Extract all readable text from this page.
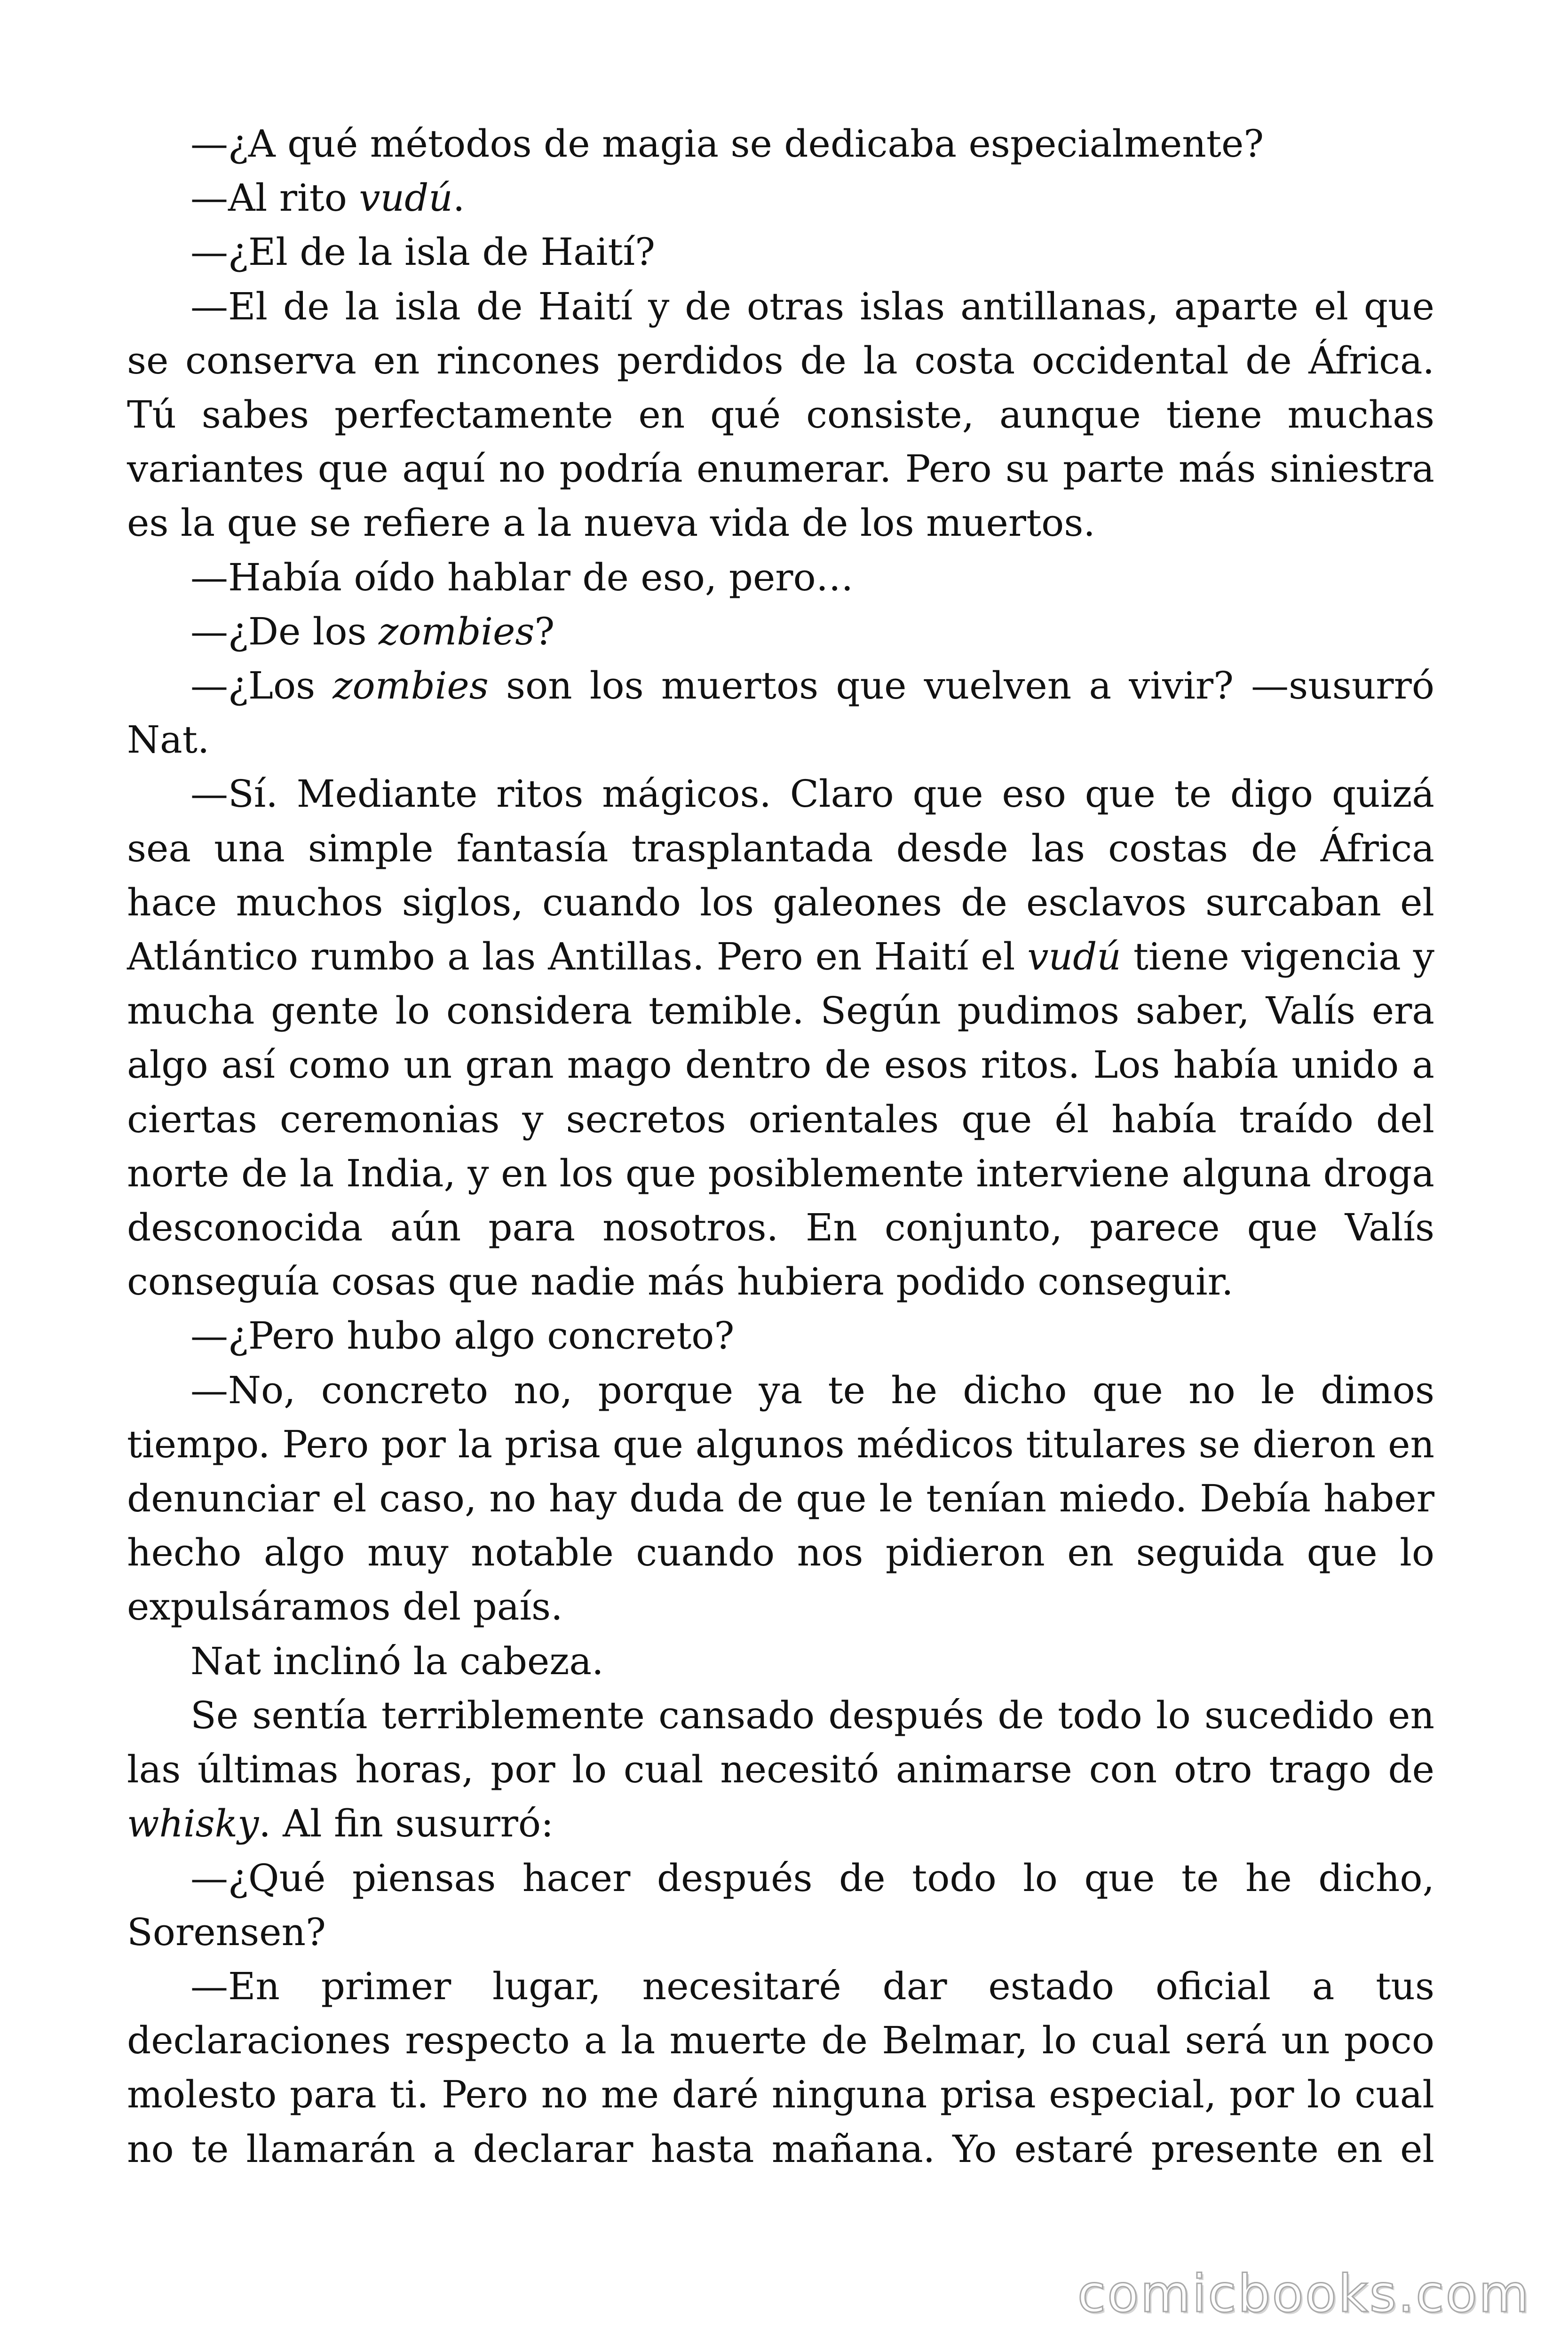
—¿A qué métodos de magia se dedicaba especialmente?

—Al rito vudú.

—¿El de la isla de Haití?

—El de la isla de Haití y de otras islas antillanas, aparte el que se conserva en rincones perdidos de la costa occidental de África. Tú sabes perfectamente en qué consiste, aunque tiene muchas variantes que aquí no podría enumerar. Pero su parte más siniestra es la que se refiere a la nueva vida de los muertos.

—Había oído hablar de eso, pero…

—¿De los zombies?

—¿Los zombies son los muertos que vuelven a vivir? —susurró Nat.

—Sí. Mediante ritos mágicos. Claro que eso que te digo quizá sea una simple fantasía trasplantada desde las costas de África hace muchos siglos, cuando los galeones de esclavos surcaban el Atlántico rumbo a las Antillas. Pero en Haití el vudú tiene vigencia y mucha gente lo considera temible. Según pudimos saber, Valís era algo así como un gran mago dentro de esos ritos. Los había unido a ciertas ceremonias y secretos orientales que él había traído del norte de la India, y en los que posiblemente interviene alguna droga desconocida aún para nosotros. En conjunto, parece que Valís conseguía cosas que nadie más hubiera podido conseguir.

—¿Pero hubo algo concreto?

—No, concreto no, porque ya te he dicho que no le dimos tiempo. Pero por la prisa que algunos médicos titulares se dieron en denunciar el caso, no hay duda de que le tenían miedo. Debía haber hecho algo muy notable cuando nos pidieron en seguida que lo expulsáramos del país.

Nat inclinó la cabeza.

Se sentía terriblemente cansado después de todo lo sucedido en las últimas horas, por lo cual necesitó animarse con otro trago de whisky. Al fin susurró:

—¿Qué piensas hacer después de todo lo que te he dicho, Sorensen?

—En primer lugar, necesitaré dar estado oficial a tus declaraciones respecto a la muerte de Belmar, lo cual será un poco molesto para ti. Pero no me daré ninguna prisa especial, por lo cual no te llamarán a declarar hasta mañana. Yo estaré presente en el

comicbooks.com
